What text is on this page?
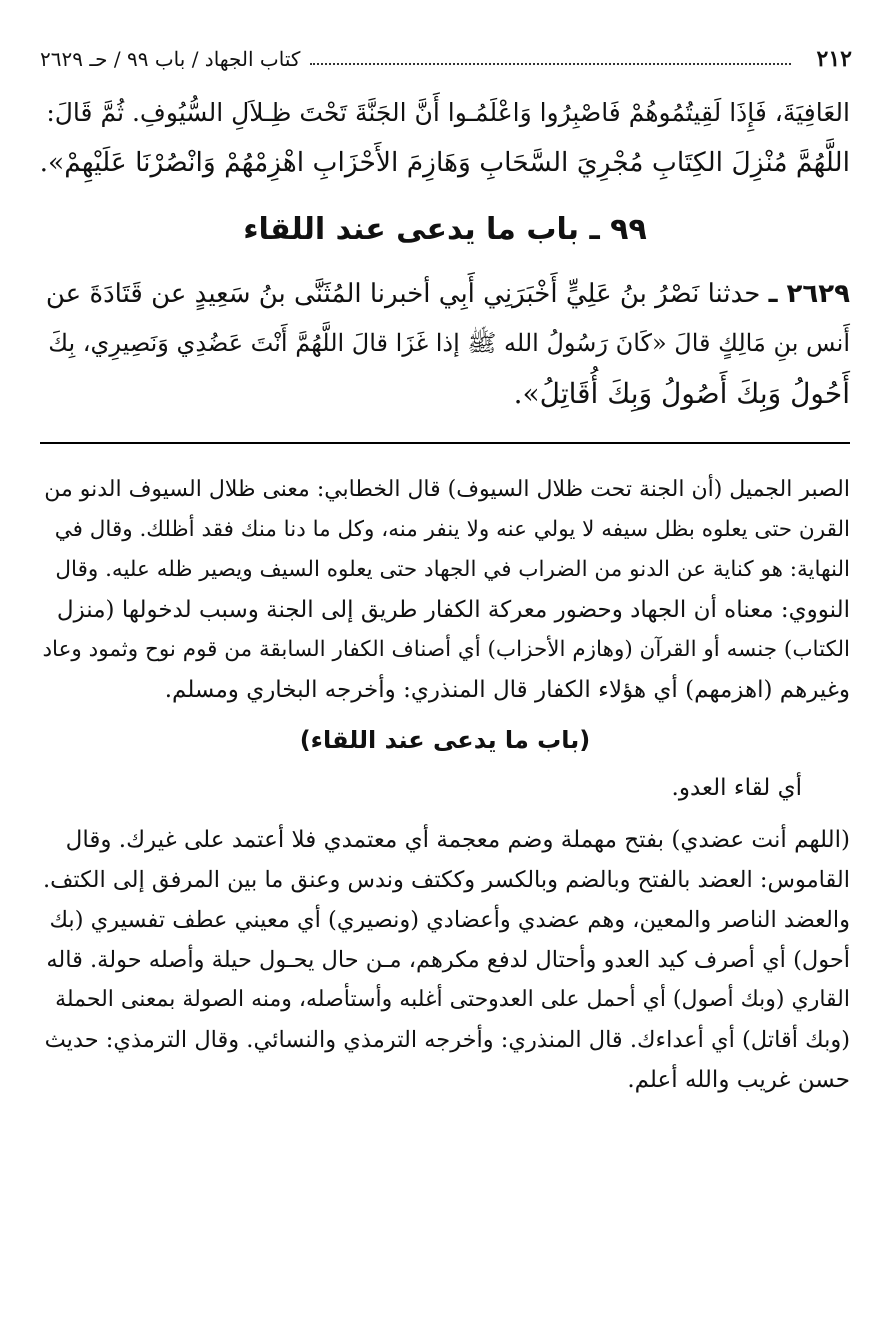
٢١٢
كتاب الجهاد / باب ٩٩ / حـ ٢٦٢٩
العَافِيَةَ، فَإِذَا لَقِيتُمُوهُمْ فَاصْبِرُوا وَاعْلَمُـوا أَنَّ الجَنَّةَ تَحْتَ ظِـلاَلِ السُّيُوفِ. ثُمَّ قَالَ:
اللَّهُمَّ مُنْزِلَ الكِتَابِ مُجْرِيَ السَّحَابِ وَهَازِمَ الأَحْزَابِ اهْزِمْهُمْ وَانْصُرْنَا عَلَيْهِمْ».
٩٩ ـ باب ما يدعى عند اللقاء
٢٦٢٩ ـ حدثنا نَصْرُ بنُ عَلِيٍّ أَخْبَرَنِي أَبِي أخبرنا المُثَنَّى بنُ سَعِيدٍ عن قَتَادَةَ عن
أَنس بنِ مَالِكٍ قالَ «كَانَ رَسُولُ الله ﷺ إذا غَزَا قالَ اللَّهُمَّ أَنْتَ عَضُدِي وَنَصِيرِي، بِكَ
أَحُولُ وَبِكَ أَصُولُ وَبِكَ أُقَاتِلُ».
الصبر الجميل (أن الجنة تحت ظلال السيوف) قال الخطابي: معنى ظلال السيوف الدنو من
القرن حتى يعلوه بظل سيفه لا يولي عنه ولا ينفر منه، وكل ما دنا منك فقد أظلك. وقال في
النهاية: هو كناية عن الدنو من الضراب في الجهاد حتى يعلوه السيف ويصير ظله عليه. وقال
النووي: معناه أن الجهاد وحضور معركة الكفار طريق إلى الجنة وسبب لدخولها (منزل
الكتاب) جنسه أو القرآن (وهازم الأحزاب) أي أصناف الكفار السابقة من قوم نوح وثمود وعاد
وغيرهم (اهزمهم) أي هؤلاء الكفار قال المنذري: وأخرجه البخاري ومسلم.
(باب ما يدعى عند اللقاء)
أي لقاء العدو.
(اللهم أنت عضدي) بفتح مهملة وضم معجمة أي معتمدي فلا أعتمد على غيرك. وقال
القاموس: العضد بالفتح وبالضم وبالكسر وككتف وندس وعنق ما بين المرفق إلى الكتف.
والعضد الناصر والمعين، وهم عضدي وأعضادي (ونصيري) أي معيني عطف تفسيري (بك
أحول) أي أصرف كيد العدو وأحتال لدفع مكرهم، مـن حال يحـول حيلة وأصله حولة. قاله
القاري (وبك أصول) أي أحمل على العدوحتى أغلبه وأستأصله، ومنه الصولة بمعنى الحملة
(وبك أقاتل) أي أعداءك. قال المنذري: وأخرجه الترمذي والنسائي. وقال الترمذي: حديث
حسن غريب والله أعلم.
